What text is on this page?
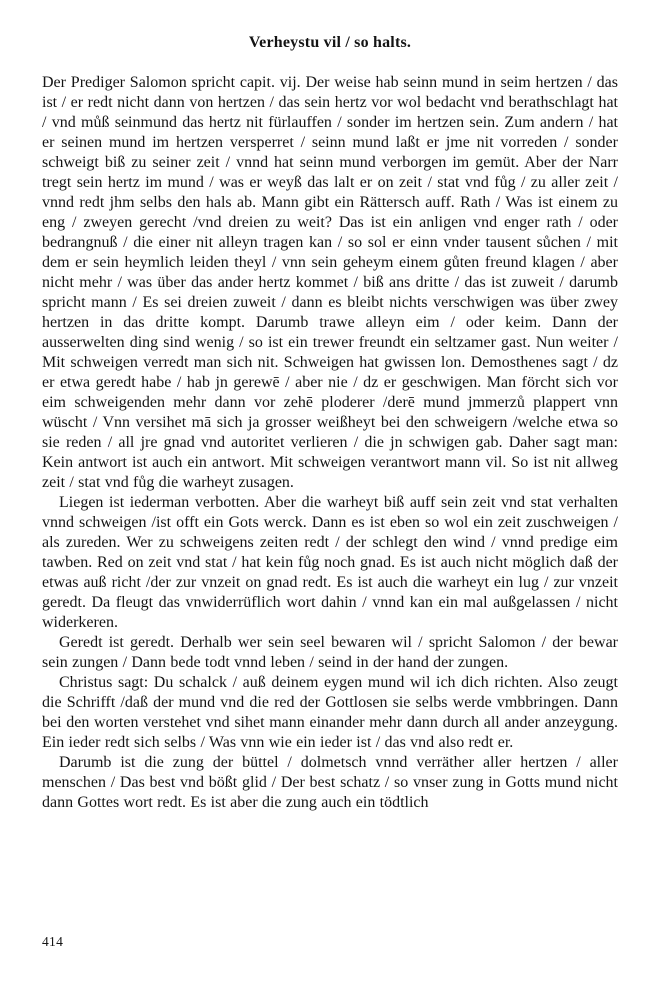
Verheystu vil / so halts.

Der Prediger Salomon spricht capit. vij. Der weise hab seinn mund in seim hertzen / das ist / er redt nicht dann von hertzen / das sein hertz vor wol bedacht vnd berathschlagt hat / vnd můß seinmund das hertz nit fürlauffen / sonder im hertzen sein. Zum andern / hat er seinen mund im hertzen versperret / seinn mund laßt er jme nit vorreden / sonder schweigt biß zu seiner zeit / vnnd hat seinn mund verborgen im gemüt. Aber der Narr tregt sein hertz im mund / was er weyß das lalt er on zeit / stat vnd fůg / zu aller zeit / vnnd redt jhm selbs den hals ab. Mann gibt ein Rättersch auff. Rath / Was ist einem zu eng / zweyen gerecht /vnd dreien zu weit? Das ist ein anligen vnd enger rath / oder bedrangnuß / die einer nit alleyn tragen kan / so sol er einn vnder tausent sůchen / mit dem er sein heymlich leiden theyl / vnn sein geheym einem gůten freund klagen / aber nicht mehr / was über das ander hertz kommet / biß ans dritte / das ist zuweit / darumb spricht mann / Es sei dreien zuweit / dann es bleibt nichts verschwigen was über zwey hertzen in das dritte kompt. Darumb trawe alleyn eim / oder keim. Dann der ausserwelten ding sind wenig / so ist ein trewer freundt ein seltzamer gast. Nun weiter / Mit schweigen verredt man sich nit. Schweigen hat gwissen lon. Demosthenes sagt / dz er etwa geredt habe / hab jn gerewē / aber nie / dz er geschwigen. Man förcht sich vor eim schweigenden mehr dann vor zehē ploderer /derē mund jmmerzů plappert vnn wüscht / Vnn versihet mā sich ja grosser weißheyt bei den schweigern /welche etwa so sie reden / all jre gnad vnd autoritet verlieren / die jn schwigen gab. Daher sagt man: Kein antwort ist auch ein antwort. Mit schweigen verantwort mann vil. So ist nit allweg zeit / stat vnd fůg die warheyt zusagen.

Liegen ist iederman verbotten. Aber die warheyt biß auff sein zeit vnd stat verhalten vnnd schweigen /ist offt ein Gots werck. Dann es ist eben so wol ein zeit zuschweigen / als zureden. Wer zu schweigens zeiten redt / der schlegt den wind / vnnd predige eim tawben. Red on zeit vnd stat / hat kein fůg noch gnad. Es ist auch nicht möglich daß der etwas auß richt /der zur vnzeit on gnad redt. Es ist auch die warheyt ein lug / zur vnzeit geredt. Da fleugt das vnwiderrüflich wort dahin / vnnd kan ein mal außgelassen / nicht widerkeren.

Geredt ist geredt. Derhalb wer sein seel bewaren wil / spricht Salomon / der bewar sein zungen / Dann bede todt vnnd leben / seind in der hand der zungen.

Christus sagt: Du schalck / auß deinem eygen mund wil ich dich richten. Also zeugt die Schrifft /daß der mund vnd die red der Gottlosen sie selbs werde vmbbringen. Dann bei den worten verstehet vnd sihet mann einander mehr dann durch all ander anzeygung. Ein ieder redt sich selbs / Was vnn wie ein ieder ist / das vnd also redt er.

Darumb ist die zung der büttel / dolmetsch vnnd verräther aller hertzen / aller menschen / Das best vnd bößt glid / Der best schatz / so vnser zung in Gotts mund nicht dann Gottes wort redt. Es ist aber die zung auch ein tödtlich

414
